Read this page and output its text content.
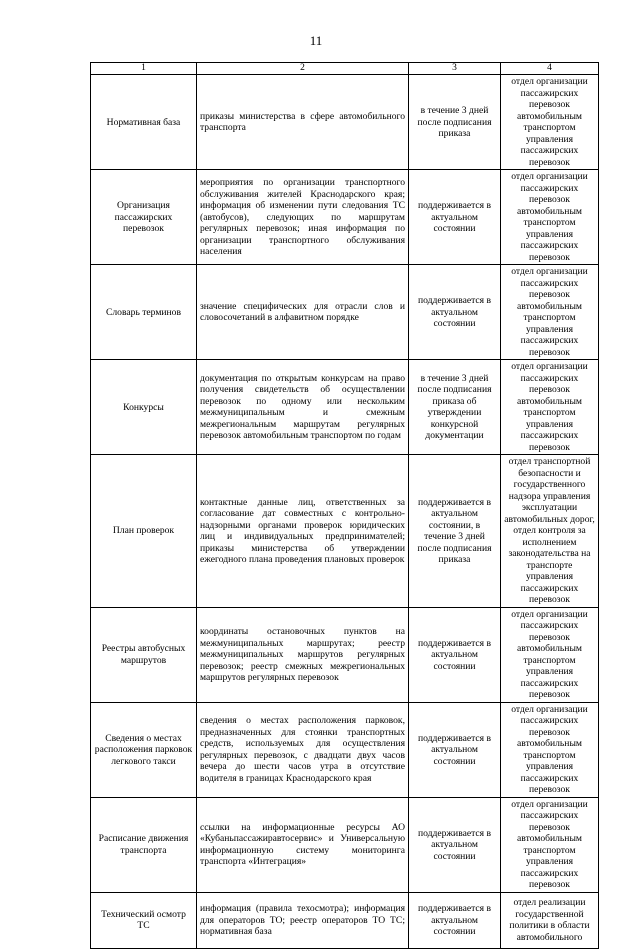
11
1	2	3	4
Нормативная база	приказы министерства в сфере автомобильного транспорта	в течение 3 дней после подписания приказа	отдел организации пассажирских перевозок автомобильным транспортом управления пассажирских перевозок
Организация пассажирских перевозок	мероприятия по организации транспортного обслуживания жителей Краснодарского края; информация об изменении пути следования ТС (автобусов), следующих по маршрутам регулярных перевозок; иная информация по организации транспортного обслуживания населения	поддерживается в актуальном состоянии	отдел организации пассажирских перевозок автомобильным транспортом управления пассажирских перевозок
Словарь терминов	значение специфических для отрасли слов и словосочетаний в алфавитном порядке	поддерживается в актуальном состоянии	отдел организации пассажирских перевозок автомобильным транспортом управления пассажирских перевозок
Конкурсы	документация по открытым конкурсам на право получения свидетельств об осуществлении перевозок по одному или нескольким межмуниципальным и смежным межрегиональным маршрутам регулярных перевозок автомобильным транспортом по годам	в течение 3 дней после подписания приказа об утверждении конкурсной документации	отдел организации пассажирских перевозок автомобильным транспортом управления пассажирских перевозок
План проверок	контактные данные лиц, ответственных за согласование дат совместных с контрольно-надзорными органами проверок юридических лиц и индивидуальных предпринимателей; приказы министерства об утверждении ежегодного плана проведения плановых проверок	поддерживается в актуальном состоянии, в течение 3 дней после подписания приказа	отдел транспортной безопасности и государственного надзора управления эксплуатации автомобильных дорог, отдел контроля за исполнением законодательства на транспорте управления пассажирских перевозок
Реестры автобусных маршрутов	координаты остановочных пунктов на межмуниципальных маршрутах; реестр межмуниципальных маршрутов регулярных перевозок; реестр смежных межрегиональных маршрутов регулярных перевозок	поддерживается в актуальном состоянии	отдел организации пассажирских перевозок автомобильным транспортом управления пассажирских перевозок
Сведения о местах расположения парковок легкового такси	сведения о местах расположения парковок, предназначенных для стоянки транспортных средств, используемых для осуществления регулярных перевозок, с двадцати двух часов вечера до шести часов утра в отсутствие водителя в границах Краснодарского края	поддерживается в актуальном состоянии	отдел организации пассажирских перевозок автомобильным транспортом управления пассажирских перевозок
Расписание движения транспорта	ссылки на информационные ресурсы АО «Кубаньпассажиравтосервис» и Универсальную информационную систему мониторинга транспорта «Интеграция»	поддерживается в актуальном состоянии	отдел организации пассажирских перевозок автомобильным транспортом управления пассажирских перевозок
Технический осмотр ТС	информация (правила техосмотра); информация для операторов ТО; реестр операторов ТО ТС; нормативная база	поддерживается в актуальном состоянии	отдел реализации государственной политики в области автомобильного
